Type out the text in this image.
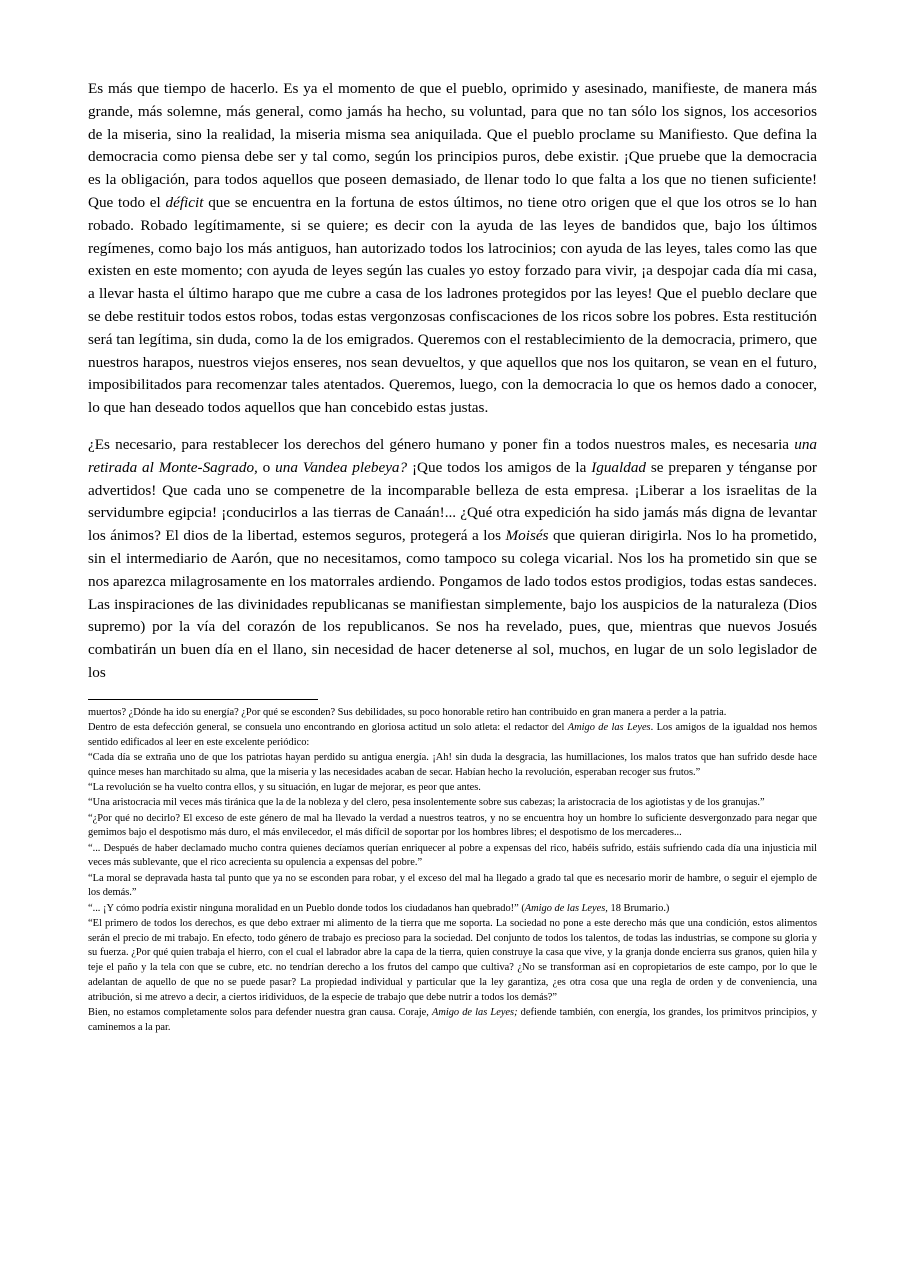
Es más que tiempo de hacerlo. Es ya el momento de que el pueblo, oprimido y asesinado, manifieste, de manera más grande, más solemne, más general, como jamás ha hecho, su voluntad, para que no tan sólo los signos, los accesorios de la miseria, sino la realidad, la miseria misma sea aniquilada. Que el pueblo proclame su Manifiesto. Que defina la democracia como piensa debe ser y tal como, según los principios puros, debe existir. ¡Que pruebe que la democracia es la obligación, para todos aquellos que poseen demasiado, de llenar todo lo que falta a los que no tienen suficiente! Que todo el déficit que se encuentra en la fortuna de estos últimos, no tiene otro origen que el que los otros se lo han robado. Robado legítimamente, si se quiere; es decir con la ayuda de las leyes de bandidos que, bajo los últimos regímenes, como bajo los más antiguos, han autorizado todos los latrocinios; con ayuda de las leyes, tales como las que existen en este momento; con ayuda de leyes según las cuales yo estoy forzado para vivir, ¡a despojar cada día mi casa, a llevar hasta el último harapo que me cubre a casa de los ladrones protegidos por las leyes! Que el pueblo declare que se debe restituir todos estos robos, todas estas vergonzosas confiscaciones de los ricos sobre los pobres. Esta restitución será tan legítima, sin duda, como la de los emigrados. Queremos con el restablecimiento de la democracia, primero, que nuestros harapos, nuestros viejos enseres, nos sean devueltos, y que aquellos que nos los quitaron, se vean en el futuro, imposibilitados para recomenzar tales atentados. Queremos, luego, con la democracia lo que os hemos dado a conocer, lo que han deseado todos aquellos que han concebido estas justas.

¿Es necesario, para restablecer los derechos del género humano y poner fin a todos nuestros males, es necesaria una retirada al Monte-Sagrado, o una Vandea plebeya? ¡Que todos los amigos de la Igualdad se preparen y ténganse por advertidos! Que cada uno se compenetre de la incomparable belleza de esta empresa. ¡Liberar a los israelitas de la servidumbre egipcia! ¡conducirlos a las tierras de Canaán!... ¿Qué otra expedición ha sido jamás más digna de levantar los ánimos? El dios de la libertad, estemos seguros, protegerá a los Moisés que quieran dirigirla. Nos lo ha prometido, sin el intermediario de Aarón, que no necesitamos, como tampoco su colega vicarial. Nos los ha prometido sin que se nos aparezca milagrosamente en los matorrales ardiendo. Pongamos de lado todos estos prodigios, todas estas sandeces. Las inspiraciones de las divinidades republicanas se manifiestan simplemente, bajo los auspicios de la naturaleza (Dios supremo) por la vía del corazón de los republicanos. Se nos ha revelado, pues, que, mientras que nuevos Josués combatirán un buen día en el llano, sin necesidad de hacer detenerse al sol, muchos, en lugar de un solo legislador de los

muertos? ¿Dónde ha ido su energía? ¿Por qué se esconden? Sus debilidades, su poco honorable retiro han contribuido en gran manera a perder a la patria.

Dentro de esta defección general, se consuela uno encontrando en gloriosa actitud un solo atleta: el redactor del Amigo de las Leyes. Los amigos de la igualdad nos hemos sentido edificados al leer en este excelente periódico:

“Cada día se extraña uno de que los patriotas hayan perdido su antigua energía. ¡Ah! sin duda la desgracia, las humillaciones, los malos tratos que han sufrido desde hace quince meses han marchitado su alma, que la miseria y las necesidades acaban de secar. Habían hecho la revolución, esperaban recoger sus frutos.”

“La revolución se ha vuelto contra ellos, y su situación, en lugar de mejorar, es peor que antes.

“Una aristocracia mil veces más tiránica que la de la nobleza y del clero, pesa insolentemente sobre sus cabezas; la aristocracia de los agiotistas y de los granujas.”

“¿Por qué no decirlo? El exceso de este género de mal ha llevado la verdad a nuestros teatros, y no se encuentra hoy un hombre lo suficiente desvergonzado para negar que gemimos bajo el despotismo más duro, el más envilecedor, el más difícil de soportar por los hombres libres; el despotismo de los mercaderes...

“... Después de haber declamado mucho contra quienes decíamos querían enriquecer al pobre a expensas del rico, habéis sufrido, estáis sufriendo cada día una injusticia mil veces más sublevante, que el rico acrecienta su opulencia a expensas del pobre.”

“La moral se depravada hasta tal punto que ya no se esconden para robar, y el exceso del mal ha llegado a grado tal que es necesario morir de hambre, o seguir el ejemplo de los demás.”

“... ¡Y cómo podría existir ninguna moralidad en un Pueblo donde todos los ciudadanos han quebrado!” (Amigo de las Leyes, 18 Brumario.)

“El primero de todos los derechos, es que debo extraer mi alimento de la tierra que me soporta. La sociedad no pone a este derecho más que una condición, estos alimentos serán el precio de mi trabajo. En efecto, todo género de trabajo es precioso para la sociedad. Del conjunto de todos los talentos, de todas las industrias, se compone su gloria y su fuerza. ¿Por qué quien trabaja el hierro, con el cual el labrador abre la capa de la tierra, quien construye la casa que vive, y la granja donde encierra sus granos, quien hila y teje el paño y la tela con que se cubre, etc. no tendrían derecho a los frutos del campo que cultiva? ¿No se transforman así en copropietarios de este campo, por lo que le adelantan de aquello de que no se puede pasar? La propiedad individual y particular que la ley garantiza, ¿es otra cosa que una regla de orden y de conveniencia, una atribución, si me atrevo a decir, a ciertos iridividuos, de la especie de trabajo que debe nutrir a todos los demás?”

Bien, no estamos completamente solos para defender nuestra gran causa. Coraje, Amigo de las Leyes; defiende también, con energía, los grandes, los primitvos principios, y caminemos a la par.
